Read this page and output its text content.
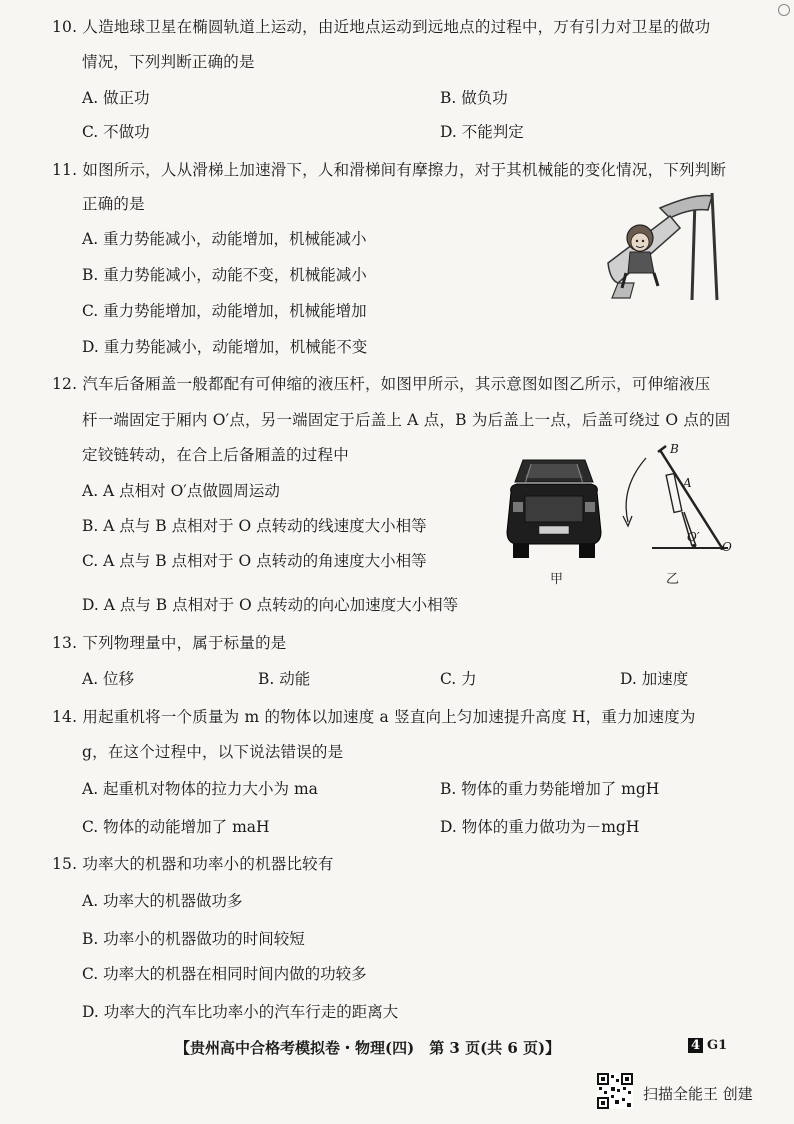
10. 人造地球卫星在椭圆轨道上运动，由近地点运动到远地点的过程中，万有引力对卫星的做功
情况，下列判断正确的是
A. 做正功	B. 做负功
C. 不做功	D. 不能判定
11. 如图所示，人从滑梯上加速滑下，人和滑梯间有摩擦力，对于其机械能的变化情况，下列判断
正确的是
A. 重力势能减小，动能增加，机械能减小
B. 重力势能减小，动能不变，机械能减小
C. 重力势能增加，动能增加，机械能增加
D. 重力势能减小，动能增加，机械能不变
12. 汽车后备厢盖一般都配有可伸缩的液压杆，如图甲所示，其示意图如图乙所示，可伸缩液压
杆一端固定于厢内 O′点，另一端固定于后盖上 A 点，B 为后盖上一点，后盖可绕过 O 点的固
定铰链转动，在合上后备厢盖的过程中
A. A 点相对 O′点做圆周运动
B. A 点与 B 点相对于 O 点转动的线速度大小相等
C. A 点与 B 点相对于 O 点转动的角速度大小相等
D. A 点与 B 点相对于 O 点转动的向心加速度大小相等
甲
B
A
O
O′
乙
13. 下列物理量中，属于标量的是
A. 位移	B. 动能	C. 力	D. 加速度
14. 用起重机将一个质量为 m 的物体以加速度 a 竖直向上匀加速提升高度 H，重力加速度为
g，在这个过程中，以下说法错误的是
A. 起重机对物体的拉力大小为 ma	B. 物体的重力势能增加了 mgH
C. 物体的动能增加了 maH	D. 物体的重力做功为－mgH
15. 功率大的机器和功率小的机器比较有
A. 功率大的机器做功多
B. 功率小的机器做功的时间较短
C. 功率大的机器在相同时间内做的功较多
D. 功率大的汽车比功率小的汽车行走的距离大
【贵州高中合格考模拟卷・物理(四)　第 3 页(共 6 页)】	4 G1
扫描全能王 创建
